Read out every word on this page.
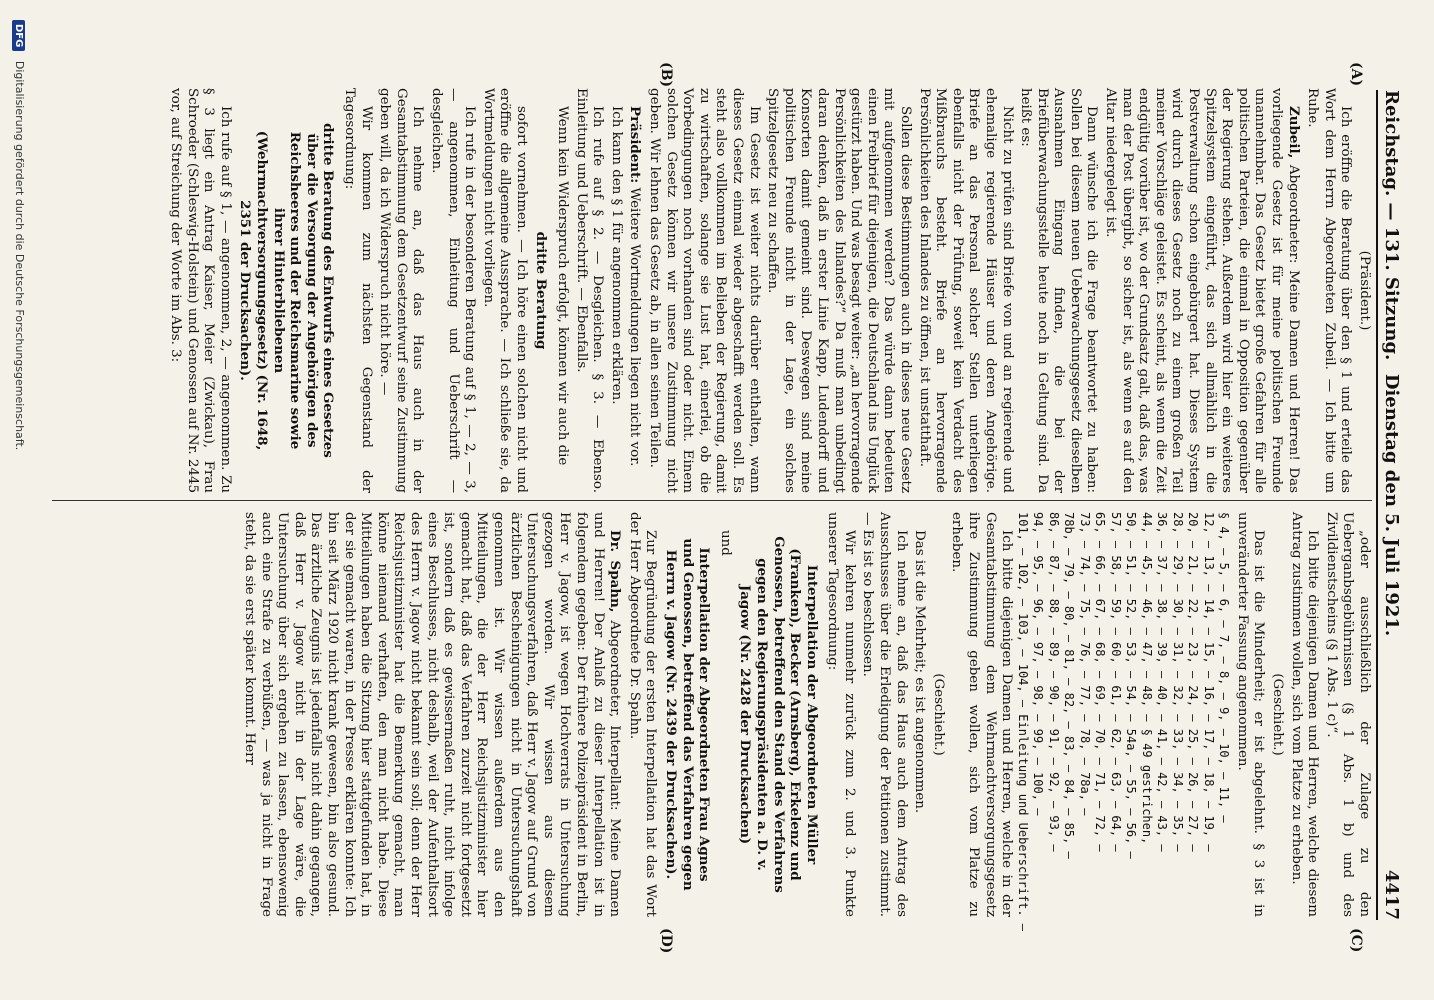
Reichstag. — 131. Sitzung.
Dienstag den 5. Juli 1921.
4417
(A)
(B)
(C)
(D)

(Präsident.)

Ich eröffne die Beratung über den § 1 und erteile das Wort dem Herrn Abgeordneten Zubeil. — Ich bitte um Ruhe.

Zubeil, Abgeordneter: Meine Damen und Herren! Das vorliegende Gesetz ist für meine politischen Freunde unannehmbar. Das Gesetz bietet große Gefahren für alle politischen Parteien, die einmal in Opposition gegenüber der Regierung stehen. Außerdem wird hier ein weiteres Spitzelsystem eingeführt, das sich allmählich in die Postverwaltung schon eingebürgert hat. Dieses System wird durch dieses Gesetz noch zu einem großen Teil meiner Vorschläge geleistet. Es scheint, als wenn die Zeit endgültig vorüber ist, wo der Grundsatz galt, daß das, was man der Post übergibt, so sicher ist, als wenn es auf den Altar niedergelegt ist.

Dann wünsche ich die Frage beantwortet zu haben: Sollen bei diesem neuen Ueberwachungsgesetz dieselben Ausnahmen Eingang finden, die bei der Briefüberwachungsstelle heute noch in Geltung sind. Da heißt es:

Nicht zu prüfen sind Briefe von und an regierende und ehemalige regierende Häuser und deren Angehörige. Briefe an das Personal solcher Stellen unterliegen ebenfalls nicht der Prüfung, soweit kein Verdacht des Mißbrauchs besteht. Briefe an hervorragende Persönlichkeiten des Inlandes zu öffnen, ist unstatthaft.

Sollen diese Bestimmungen auch in dieses neue Gesetz mit aufgenommen werden? Das würde dann bedeuten einen Freibrief für diejenigen, die Deutschland ins Unglück gestürzt haben. Und was besagt weiter: „an hervorragende Persönlichkeiten des Inlandes?“ Da muß man unbedingt daran denken, daß in erster Linie Kapp, Ludendorff und Konsorten damit gemeint sind. Deswegen sind meine politischen Freunde nicht in der Lage, ein solches Spitzelgesetz neu zu schaffen.

Im Gesetz ist weiter nichts darüber enthalten, wann dieses Gesetz einmal wieder abgeschafft werden soll. Es steht also vollkommen im Belieben der Regierung, damit zu wirtschaften, solange sie Lust hat, einerlei, ob die Vorbedingungen noch vorhanden sind oder nicht. Einem solchen Gesetz können wir unsere Zustimmung nicht geben. Wir lehnen das Gesetz ab, in allen seinen Teilen.

Präsident: Weitere Wortmeldungen liegen nicht vor.

Ich kann den § 1 für angenommen erklären.

Ich rufe auf § 2. — Desgleichen. § 3. — Ebenso. Einleitung und Ueberschrift. — Ebenfalls.

Wenn kein Widerspruch erfolgt, können wir auch die

dritte Beratung

sofort vornehmen. — Ich höre einen solchen nicht und eröffne die allgemeine Aussprache. — Ich schließe sie, da Wortmeldungen nicht vorliegen.

Ich rufe in der besonderen Beratung auf § 1, — 2, — 3, — angenommen, Einleitung und Ueberschrift — desgleichen.

Ich nehme an, daß das Haus auch in der Gesamtabstimmung dem Gesetzentwurf seine Zustimmung geben will, da ich Widerspruch nicht höre. —

Wir kommen zum nächsten Gegenstand der Tagesordnung:

dritte Beratung des Entwurfs eines Gesetzes über die Versorgung der Angehörigen des Reichsheeres und der Reichsmarine sowie ihrer Hinterbliebenen (Wehrmachtversorgungsgesetz) (Nr. 1648, 2351 der Drucksachen).

Ich rufe auf § 1, — angenommen, 2, — angenommen. Zu § 3 liegt ein Antrag Kaiser, Meier (Zwickau), Frau Schroeder (Schleswig-Holstein) und Genossen auf Nr. 2445 vor, auf Streichung der Worte im Abs. 3:

„oder ausschließlich der Zulage zu den Ueberganbsgebührnissen (§ 1 Abs. 1 b) und des Zivildienstscheins (§ 1 Abs. 1 c)“.

Ich bitte diejenigen Damen und Herren, welche diesem Antrag zustimmen wollen, sich vom Platze zu erheben.

(Geschieht.)

Das ist die Minderheit; er ist abgelehnt. § 3 ist in unveränderter Fassung angenommen.

§ 4, — 5, — 6, — 7, — 8, — 9, — 10, — 11, —
12, — 13, — 14, — 15, — 16, — 17, — 18, — 19, —
20, — 21, — 22, — 23, — 24, — 25, — 26, — 27, —
28, — 29, — 30, — 31, — 32, — 33, — 34, — 35, —
36, — 37, — 38, — 39, — 40, — 41, — 42, — 43, —
44, — 45, — 46, — 47, — 48, — § 49 gestrichen,
50, — 51, — 52, — 53, — 54, — 54a, — 55, — 56, —
57, — 58, — 59, — 60, — 61, — 62, — 63, — 64, —
65, — 66, — 67, — 68, — 69, — 70, — 71, — 72, —
73, — 74, — 75, — 76, — 77, — 78, — 78a, —
78b, — 79, — 80, — 81, — 82, — 83, — 84, — 85, —
86, — 87, — 88, — 89, — 90, — 91, — 92, — 93, —
94, — 95, — 96, — 97, — 98, — 99, — 100, —
101, — 102, — 103, — 104, — Einleitung und Ueberschrift. —

Ich bitte diejenigen Damen und Herren, welche in der Gesamtabstimmung dem Wehrmachtversorgungsgesetz ihre Zustimmung geben wollen, sich vom Platze zu erheben.

(Geschieht.)

Das ist die Mehrheit; es ist angenommen.

Ich nehme an, daß das Haus auch dem Antrag des Ausschusses über die Erledigung der Petitionen zustimmt. — Es ist so beschlossen.

Wir kehren nunmehr zurück zum 2. und 3. Punkte unserer Tagesordnung:

Interpellation der Abgeordneten Müller (Franken), Becker (Arnsberg), Erkelenz und Genossen, betreffend den Stand des Verfahrens gegen den Regierungspräsidenten a. D. v. Jagow (Nr. 2428 der Drucksachen)

und

Interpellation der Abgeordneten Frau Agnes und Genossen, betreffend das Verfahren gegen Herrn v. Jagow (Nr. 2439 der Drucksachen).

Zur Begründung der ersten Interpellation hat das Wort der Herr Abgeordnete Dr. Spahn.

Dr. Spahn, Abgeordneter, Interpellant: Meine Damen und Herren! Der Anlaß zu dieser Interpellation ist in folgendem gegeben: Der frühere Polizeipräsident in Berlin, Herr v. Jagow, ist wegen Hochverrats in Untersuchung gezogen worden. Wir wissen aus diesem Untersuchungsverfahren, daß Herr v. Jagow auf Grund von ärztlichen Bescheinigungen nicht in Untersuchungshaft genommen ist. Wir wissen außerdem aus den Mitteilungen, die der Herr Reichsjustizminister hier gemacht hat, daß das Verfahren zurzeit nicht fortgesetzt ist, sondern daß es gewissermaßen ruht, nicht infolge eines Beschlusses, nicht deshalb, weil der Aufenthaltsort des Herrn v. Jagow nicht bekannt sein soll; denn der Herr Reichsjustizminister hat die Bemerkung gemacht, man könne niemand verhaften, den man nicht habe. Diese Mitteilungen haben die Sitzung hier stattgefunden hat, in der sie gemacht waren, in der Presse erklären konnte: Ich bin seit März 1920 nicht krank gewesen, bin also gesund. Das ärztliche Zeugnis ist jedenfalls nicht dahin gegangen, daß Herr v. Jagow nicht in der Lage wäre, die Untersuchung über sich ergehen zu lassen, ebensowenig auch eine Strafe zu verbüßen, — was ja nicht in Frage steht, da sie erst später kommt. Herr

DFG Digitalisierung gefördert durch die Deutsche Forschungsgemeinschaft.
